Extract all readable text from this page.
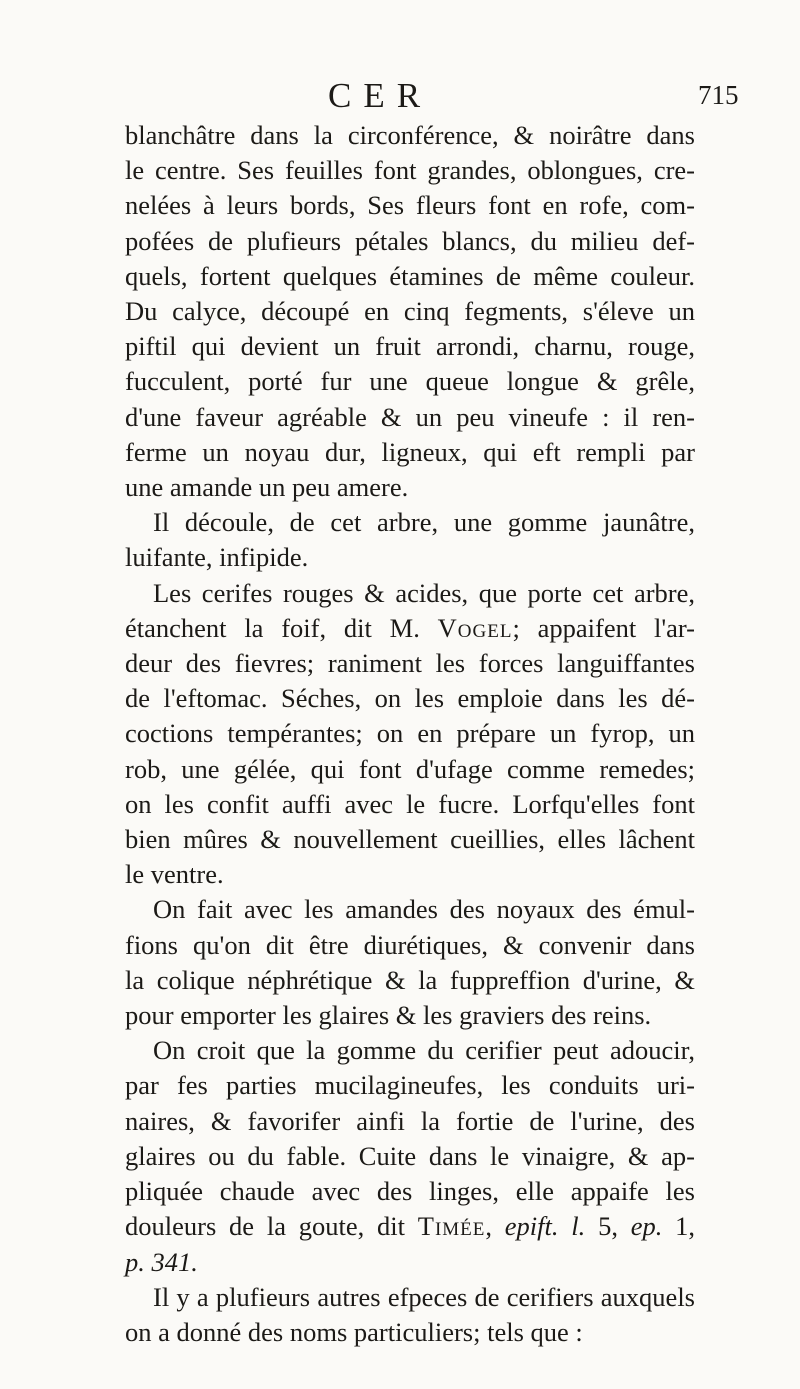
CER	715
blanchâtre dans la circonférence, & noirâtre dans
le centre. Ses feuilles font grandes, oblongues, cre-
nelées à leurs bords, Ses fleurs font en rofe, com-
pofées de plufieurs pétales blancs, du milieu def-
quels, fortent quelques étamines de même couleur.
Du calyce, découpé en cinq fegments, s'éleve un
piftil qui devient un fruit arrondi, charnu, rouge,
fucculent, porté fur une queue longue & grêle,
d'une faveur agréable & un peu vineufe : il ren-
ferme un noyau dur, ligneux, qui eft rempli par
une amande un peu amere.
Il découle, de cet arbre, une gomme jaunâtre,
luifante, infipide.
Les cerifes rouges & acides, que porte cet arbre,
étanchent la foif, dit M. Vogel; appaifent l'ar-
deur des fievres; raniment les forces languiffantes
de l'eftomac. Séches, on les emploie dans les dé-
coctions tempérantes; on en prépare un fyrop, un
rob, une gélée, qui font d'ufage comme remedes;
on les confit auffi avec le fucre. Lorfqu'elles font
bien mûres & nouvellement cueillies, elles lâchent
le ventre.
On fait avec les amandes des noyaux des émul-
fions qu'on dit être diurétiques, & convenir dans
la colique néphrétique & la fuppreffion d'urine, &
pour emporter les glaires & les graviers des reins.
On croit que la gomme du cerifier peut adoucir,
par fes parties mucilagineufes, les conduits uri-
naires, & favorifer ainfi la fortie de l'urine, des
glaires ou du fable. Cuite dans le vinaigre, & ap-
pliquée chaude avec des linges, elle appaife les
douleurs de la goute, dit Timée, epift. l. 5, ep. 1,
p. 341.
Il y a plufieurs autres efpeces de cerifiers auxquels
on a donné des noms particuliers; tels que :
